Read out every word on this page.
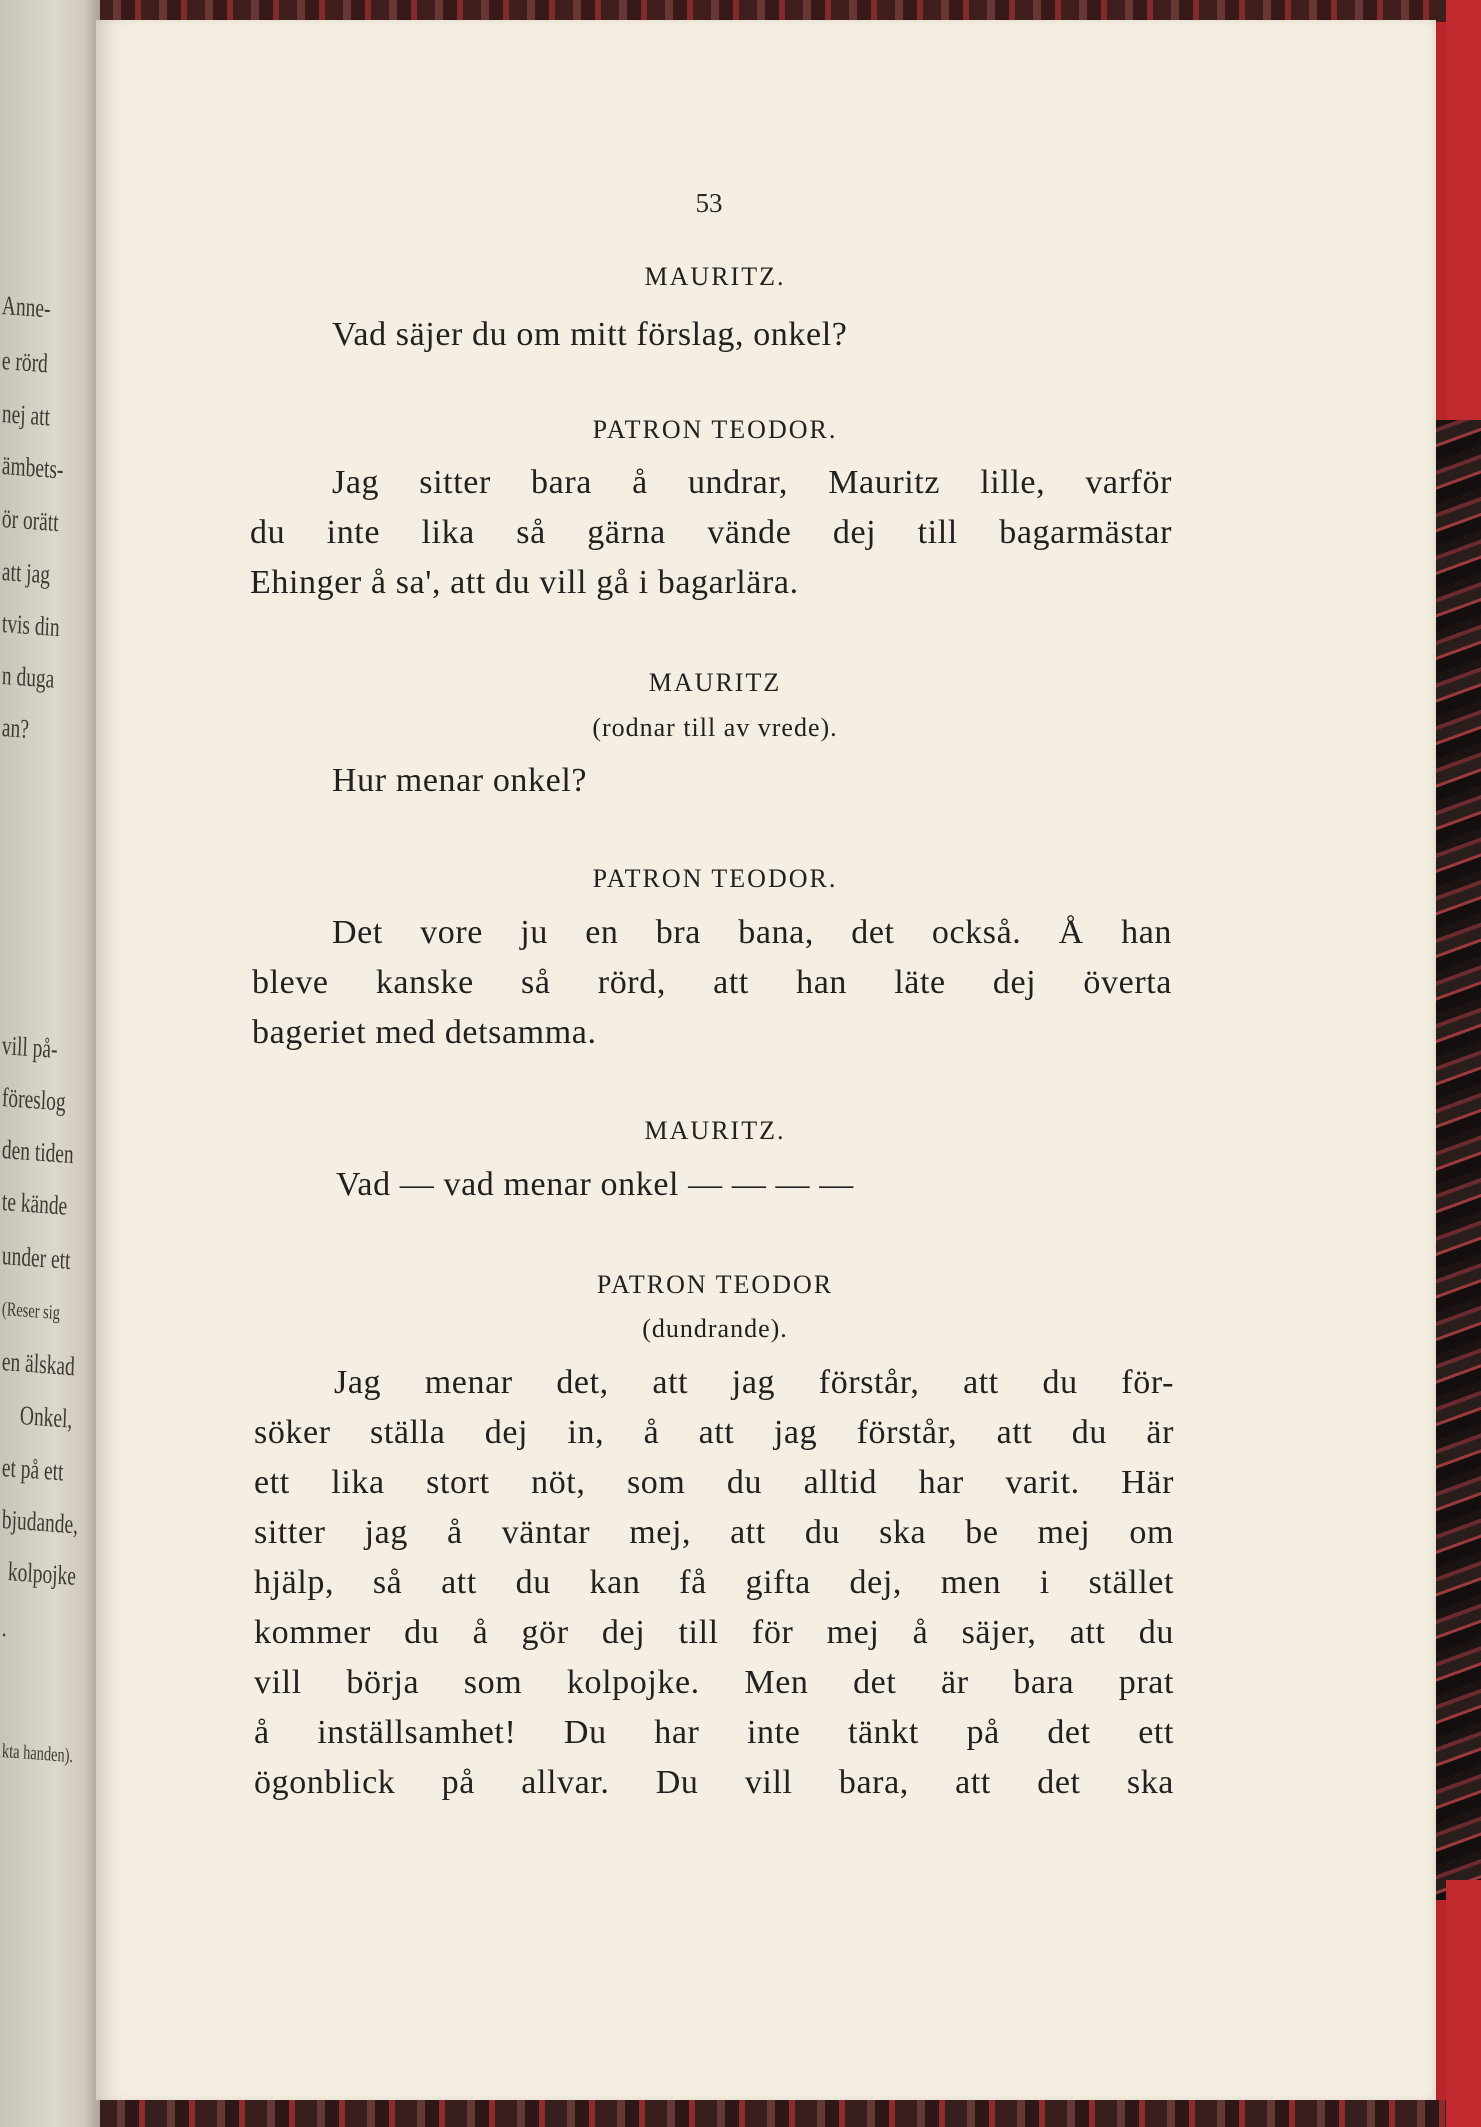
Anne-
e rörd
nej att
ämbets-
ör orätt
att jag
tvis din
n duga
an?
vill på-
föreslog
den tiden
te kände
under ett
(Reser sig
en älskad
Onkel,
et på ett
bjudande,
kolpojke
.
kta handen).
53
MAURITZ.
Vad säjer du om mitt förslag, onkel?
PATRON TEODOR.
Jag sitter bara å undrar, Mauritz lille, varför
du inte lika så gärna vände dej till bagarmästar
Ehinger å sa', att du vill gå i bagarlära.
MAURITZ
(rodnar till av vrede).
Hur menar onkel?
PATRON TEODOR.
Det vore ju en bra bana, det också. Å han
bleve kanske så rörd, att han läte dej överta
bageriet med detsamma.
MAURITZ.
Vad — vad menar onkel — — — —
PATRON TEODOR
(dundrande).
Jag menar det, att jag förstår, att du för-
söker ställa dej in, å att jag förstår, att du är
ett lika stort nöt, som du alltid har varit. Här
sitter jag å väntar mej, att du ska be mej om
hjälp, så att du kan få gifta dej, men i stället
kommer du å gör dej till för mej å säjer, att du
vill börja som kolpojke. Men det är bara prat
å inställsamhet! Du har inte tänkt på det ett
ögonblick på allvar. Du vill bara, att det ska
